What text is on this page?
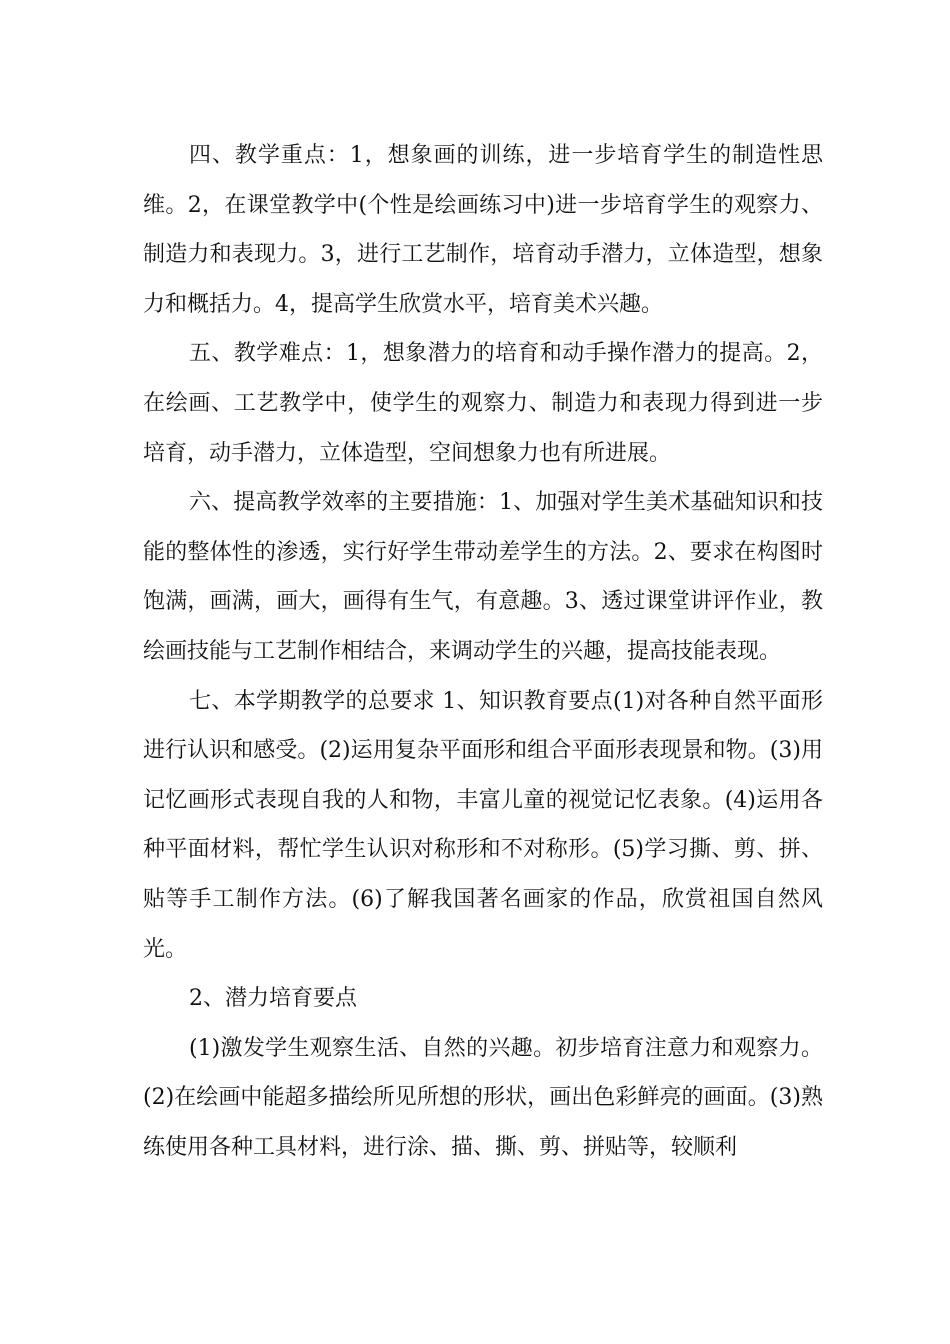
四、教学重点：1，想象画的训练，进一步培育学生的制造性思维。2，在课堂教学中(个性是绘画练习中)进一步培育学生的观察力、制造力和表现力。3，进行工艺制作，培育动手潜力，立体造型，想象力和概括力。4，提高学生欣赏水平，培育美术兴趣。

五、教学难点：1，想象潜力的培育和动手操作潜力的提高。2，在绘画、工艺教学中，使学生的观察力、制造力和表现力得到进一步培育，动手潜力，立体造型，空间想象力也有所进展。

六、提高教学效率的主要措施：1、加强对学生美术基础知识和技能的整体性的渗透，实行好学生带动差学生的方法。2、要求在构图时饱满，画满，画大，画得有生气，有意趣。3、透过课堂讲评作业，教绘画技能与工艺制作相结合，来调动学生的兴趣，提高技能表现。

七、本学期教学的总要求 1、知识教育要点(1)对各种自然平面形进行认识和感受。(2)运用复杂平面形和组合平面形表现景和物。(3)用记忆画形式表现自我的人和物，丰富儿童的视觉记忆表象。(4)运用各种平面材料，帮忙学生认识对称形和不对称形。(5)学习撕、剪、拼、贴等手工制作方法。(6)了解我国著名画家的作品，欣赏祖国自然风光。

2、潜力培育要点

(1)激发学生观察生活、自然的兴趣。初步培育注意力和观察力。(2)在绘画中能超多描绘所见所想的形状，画出色彩鲜亮的画面。(3)熟练使用各种工具材料，进行涂、描、撕、剪、拼贴等，较顺利
